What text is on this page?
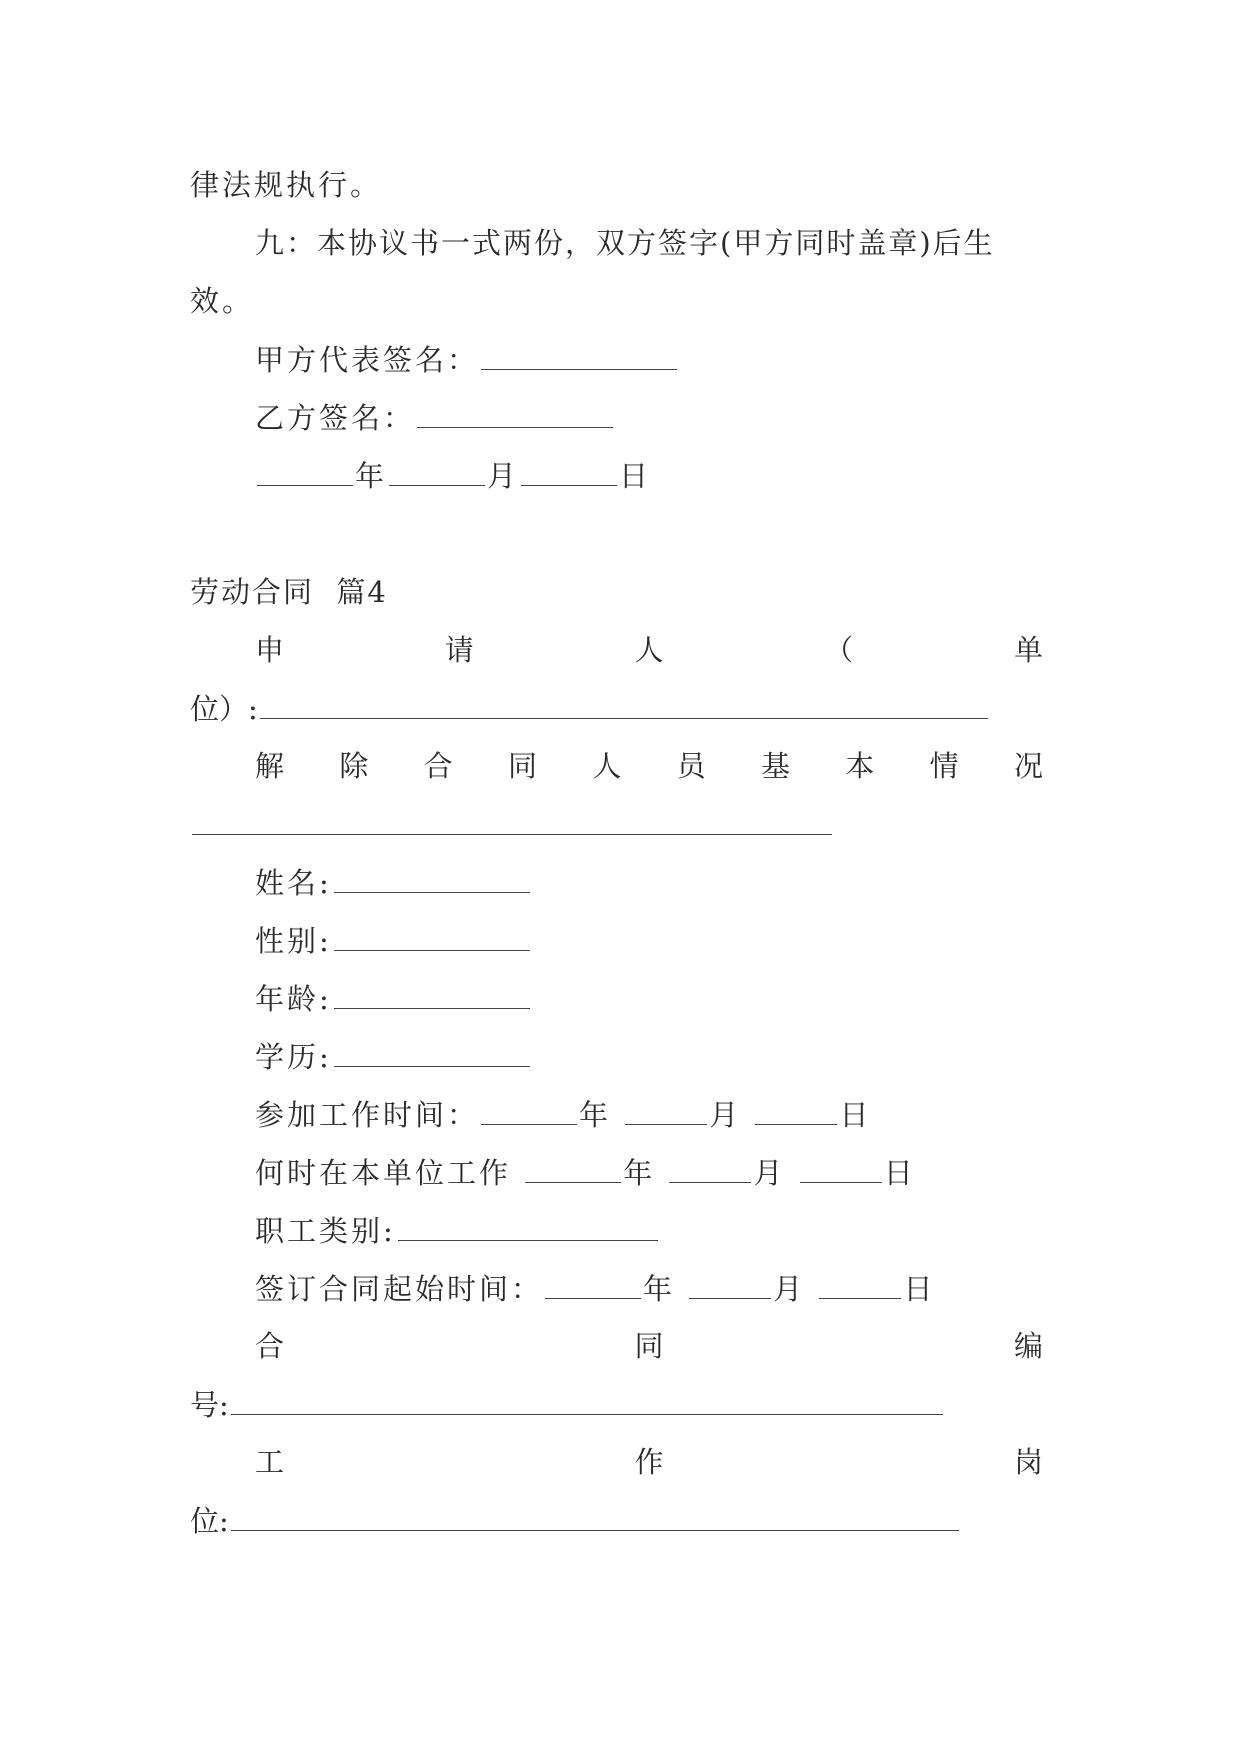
律法规执行。
九：本协议书一式两份，双方签字(甲方同时盖章)后生
效。
甲方代表签名：
乙方签名：
年	月	日
劳动合同  篇4
申	请	人	（	单
位）:
解 除 合 同 人 员 基 本 情 况
姓名:
性别:
年龄:
学历:
参加工作时间：	年	月	日
何时在本单位工作	年	月	日
职工类别:
签订合同起始时间：	年	月	日
合	同	编
号:
工	作	岗
位:
